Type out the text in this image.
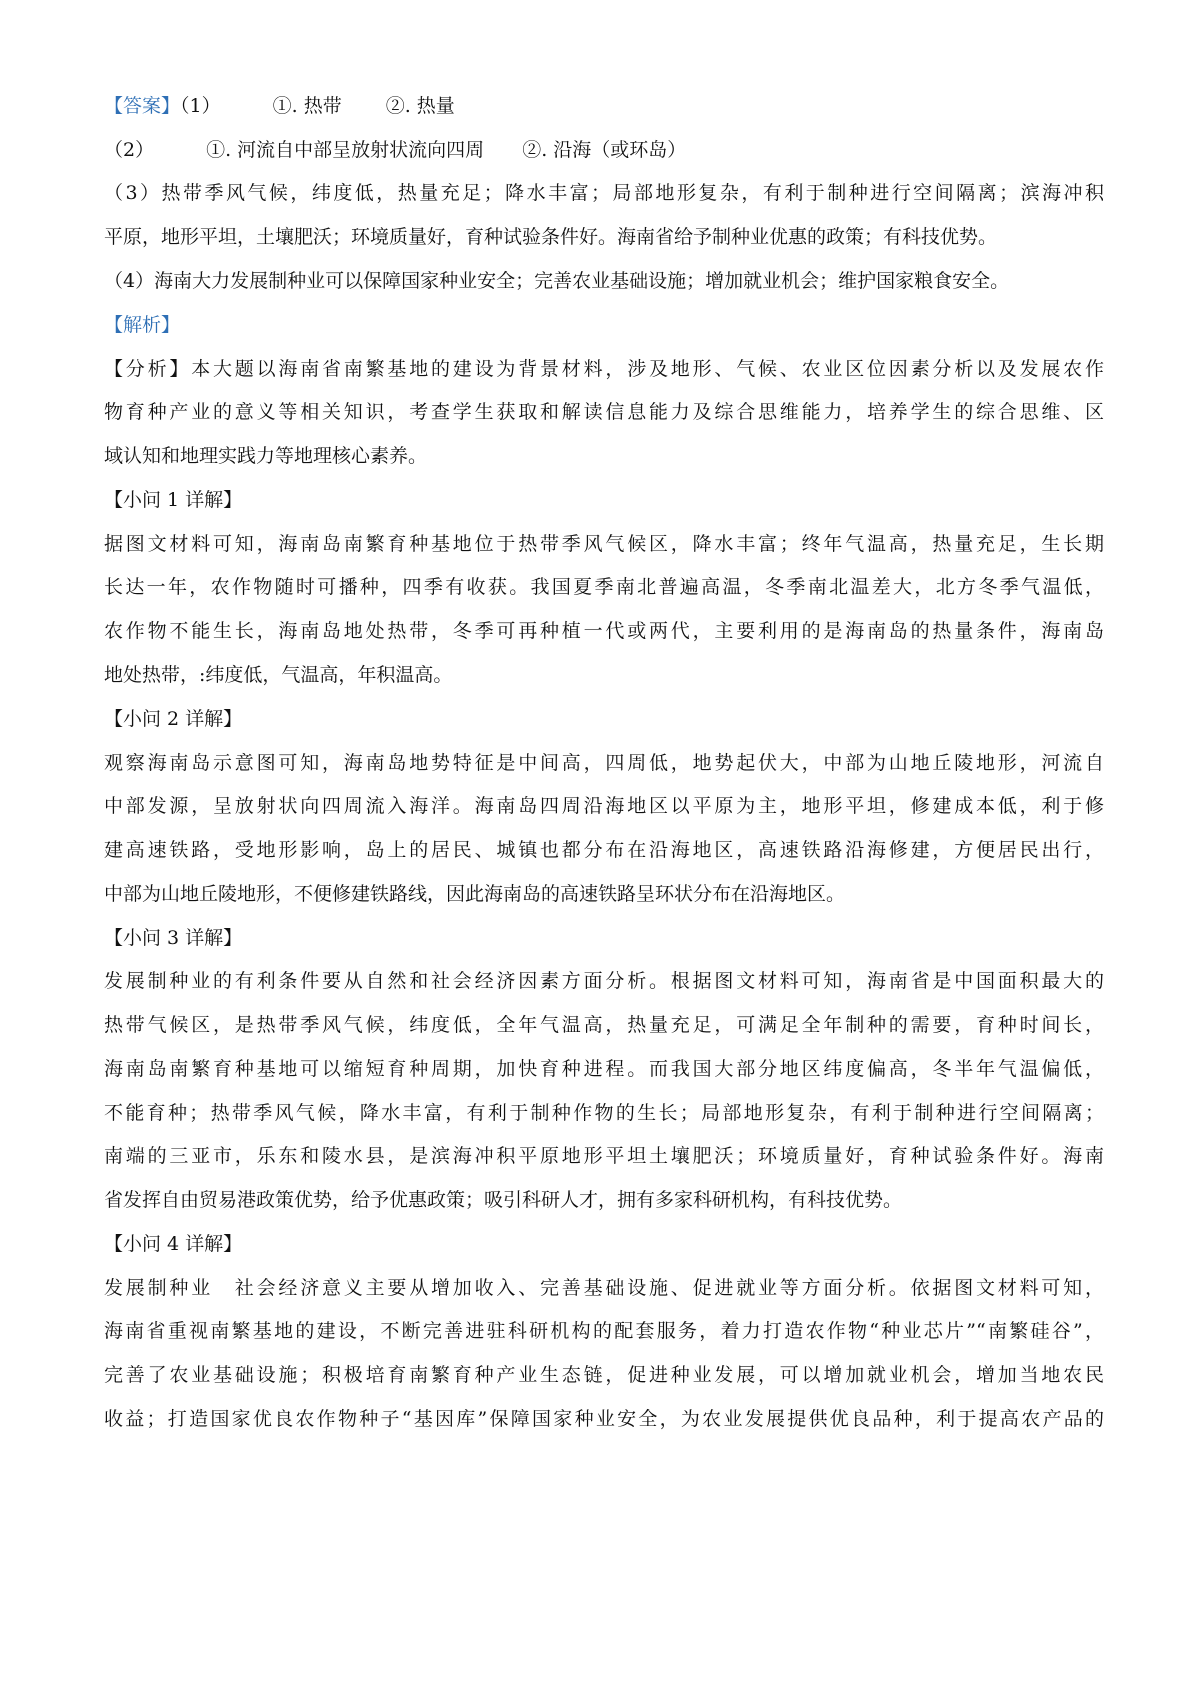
【答案】（1）	①. 热带 ②. 热量
（2）	①. 河流自中部呈放射状流向四周 ②. 沿海（或环岛）
（3）热带季风气候，纬度低，热量充足；降水丰富；局部地形复杂，有利于制种进行空间隔离；滨海冲积
平原，地形平坦，土壤肥沃；环境质量好，育种试验条件好。海南省给予制种业优惠的政策；有科技优势。
（4）海南大力发展制种业可以保障国家种业安全；完善农业基础设施；增加就业机会；维护国家粮食安全。
【解析】
【分析】本大题以海南省南繁基地的建设为背景材料，涉及地形、气候、农业区位因素分析以及发展农作
物育种产业的意义等相关知识，考查学生获取和解读信息能力及综合思维能力，培养学生的综合思维、区
域认知和地理实践力等地理核心素养。
【小问 1 详解】
据图文材料可知，海南岛南繁育种基地位于热带季风气候区，降水丰富；终年气温高，热量充足，生长期
长达一年，农作物随时可播种，四季有收获。我国夏季南北普遍高温，冬季南北温差大，北方冬季气温低，
农作物不能生长，海南岛地处热带，冬季可再种植一代或两代，主要利用的是海南岛的热量条件，海南岛
地处热带，:纬度低，气温高，年积温高。
【小问 2 详解】
观察海南岛示意图可知，海南岛地势特征是中间高，四周低，地势起伏大，中部为山地丘陵地形，河流自
中部发源，呈放射状向四周流入海洋。海南岛四周沿海地区以平原为主，地形平坦，修建成本低，利于修
建高速铁路，受地形影响，岛上的居民、城镇也都分布在沿海地区，高速铁路沿海修建，方便居民出行，
中部为山地丘陵地形，不便修建铁路线，因此海南岛的高速铁路呈环状分布在沿海地区。
【小问 3 详解】
发展制种业的有利条件要从自然和社会经济因素方面分析。根据图文材料可知，海南省是中国面积最大的
热带气候区，是热带季风气候，纬度低，全年气温高，热量充足，可满足全年制种的需要，育种时间长，
海南岛南繁育种基地可以缩短育种周期，加快育种进程。而我国大部分地区纬度偏高，冬半年气温偏低，
不能育种；热带季风气候，降水丰富，有利于制种作物的生长；局部地形复杂，有利于制种进行空间隔离；
南端的三亚市，乐东和陵水县，是滨海冲积平原地形平坦土壤肥沃；环境质量好，育种试验条件好。海南
省发挥自由贸易港政策优势，给予优惠政策；吸引科研人才，拥有多家科研机构，有科技优势。
【小问 4 详解】
发展制种业　社会经济意义主要从增加收入、完善基础设施、促进就业等方面分析。依据图文材料可知，
海南省重视南繁基地的建设，不断完善进驻科研机构的配套服务，着力打造农作物“种业芯片”“南繁硅谷”，
完善了农业基础设施；积极培育南繁育种产业生态链，促进种业发展，可以增加就业机会，增加当地农民
收益；打造国家优良农作物种子“基因库”保障国家种业安全，为农业发展提供优良品种，利于提高农产品的
